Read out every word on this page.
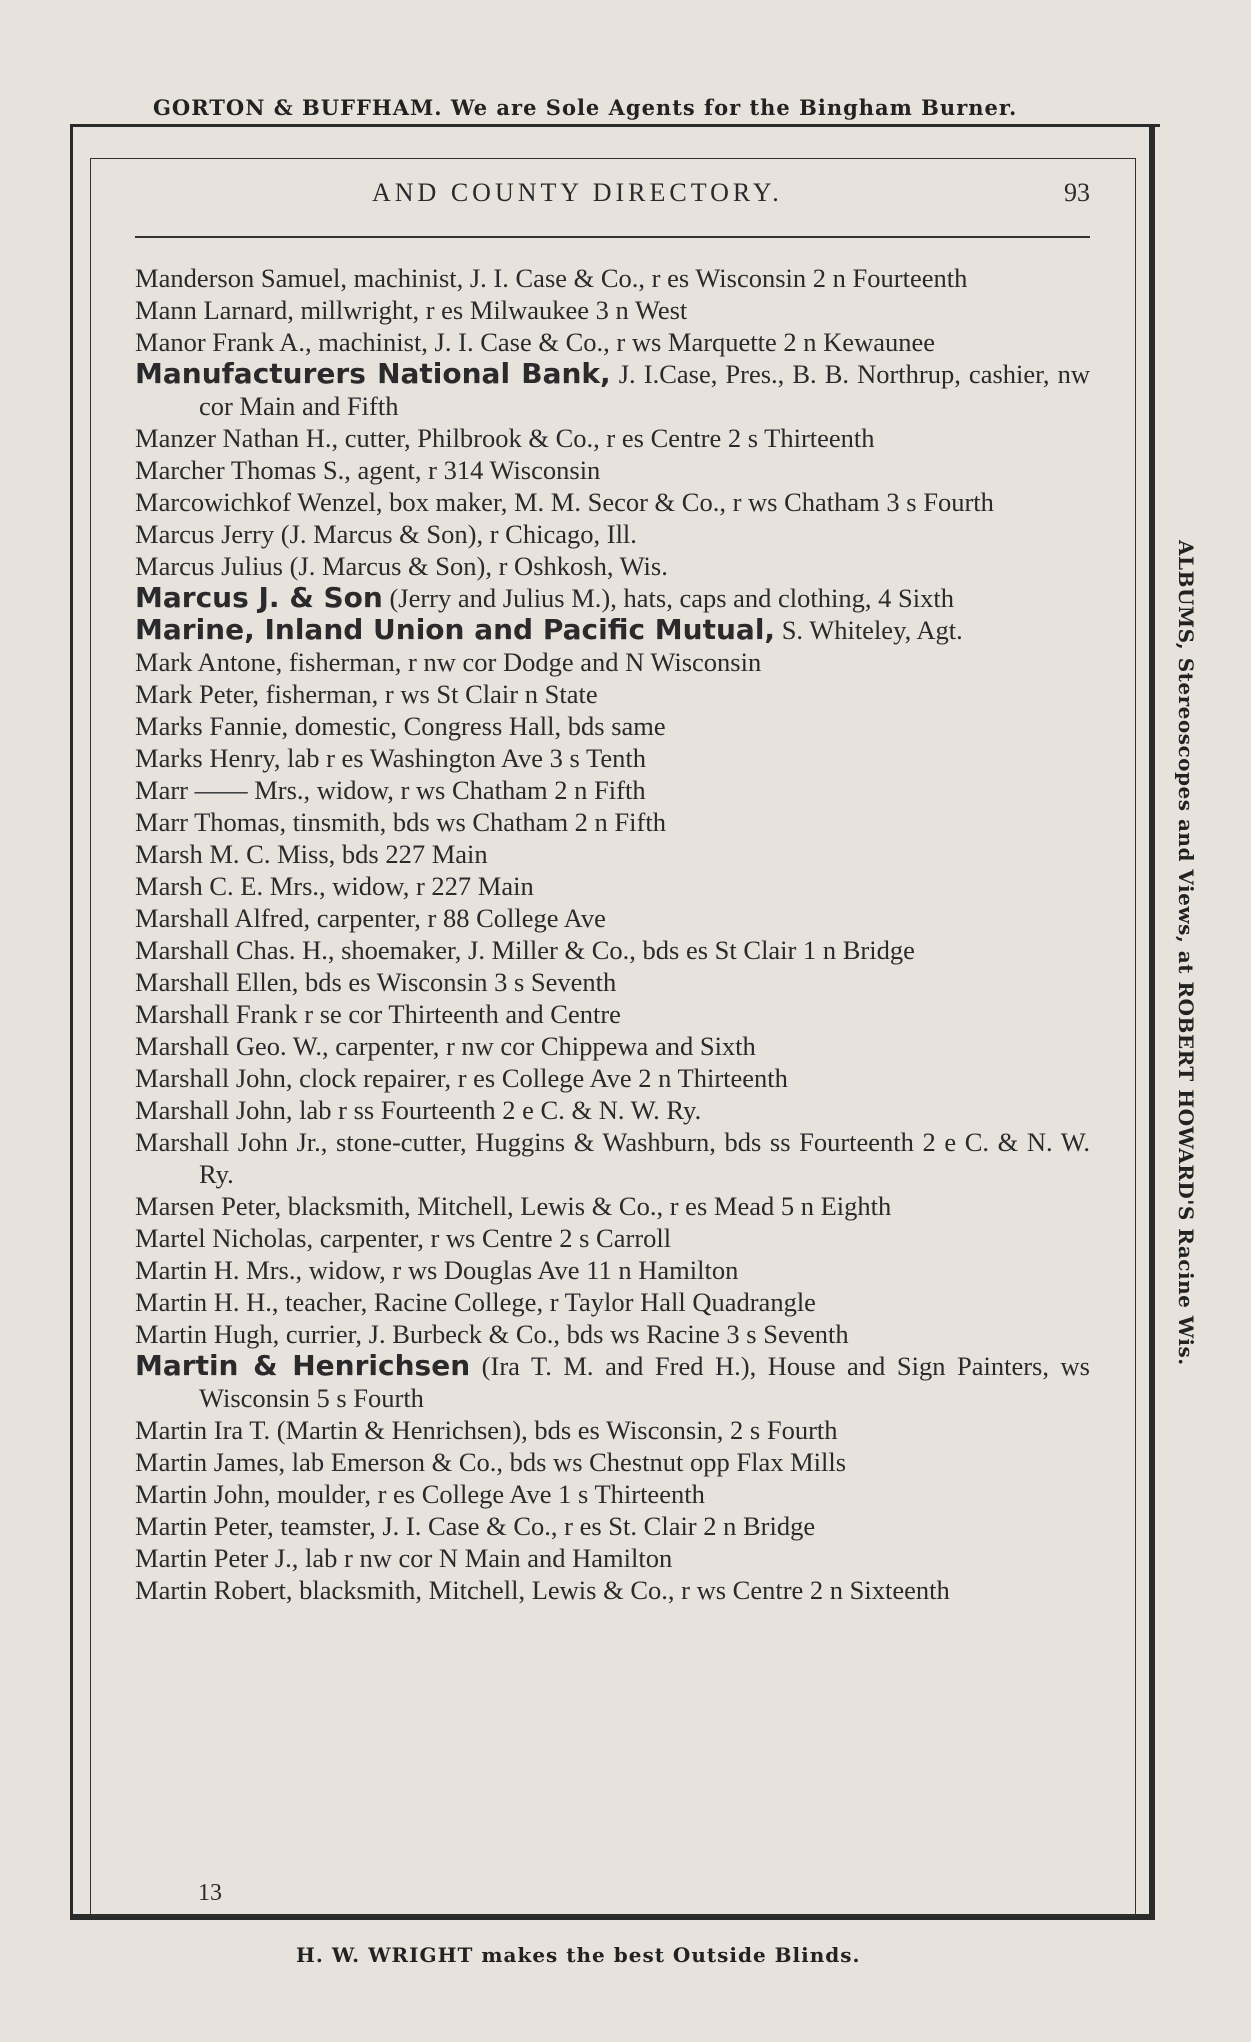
GORTON & BUFFHAM. We are Sole Agents for the Bingham Burner.
ALBUMS, Stereoscopes and Views, at ROBERT HOWARD'S Racine Wis.
AND COUNTY DIRECTORY.	93
Manderson Samuel, machinist, J. I. Case & Co., r es Wisconsin 2 n Fourteenth
Mann Larnard, millwright, r es Milwaukee 3 n West
Manor Frank A., machinist, J. I. Case & Co., r ws Marquette 2 n Kewaunee
Manufacturers National Bank, J. I.Case, Pres., B. B. Northrup, cashier, nw cor Main and Fifth
Manzer Nathan H., cutter, Philbrook & Co., r es Centre 2 s Thirteenth
Marcher Thomas S., agent, r 314 Wisconsin
Marcowichkof Wenzel, box maker, M. M. Secor & Co., r ws Chatham 3 s Fourth
Marcus Jerry (J. Marcus & Son), r Chicago, Ill.
Marcus Julius (J. Marcus & Son), r Oshkosh, Wis.
Marcus J. & Son (Jerry and Julius M.), hats, caps and clothing, 4 Sixth
Marine, Inland Union and Pacific Mutual, S. Whiteley, Agt.
Mark Antone, fisherman, r nw cor Dodge and N Wisconsin
Mark Peter, fisherman, r ws St Clair n State
Marks Fannie, domestic, Congress Hall, bds same
Marks Henry, lab r es Washington Ave 3 s Tenth
Marr —— Mrs., widow, r ws Chatham 2 n Fifth
Marr Thomas, tinsmith, bds ws Chatham 2 n Fifth
Marsh M. C. Miss, bds 227 Main
Marsh C. E. Mrs., widow, r 227 Main
Marshall Alfred, carpenter, r 88 College Ave
Marshall Chas. H., shoemaker, J. Miller & Co., bds es St Clair 1 n Bridge
Marshall Ellen, bds es Wisconsin 3 s Seventh
Marshall Frank r se cor Thirteenth and Centre
Marshall Geo. W., carpenter, r nw cor Chippewa and Sixth
Marshall John, clock repairer, r es College Ave 2 n Thirteenth
Marshall John, lab r ss Fourteenth 2 e C. & N. W. Ry.
Marshall John Jr., stone-cutter, Huggins & Washburn, bds ss Fourteenth 2 e C. & N. W. Ry.
Marsen Peter, blacksmith, Mitchell, Lewis & Co., r es Mead 5 n Eighth
Martel Nicholas, carpenter, r ws Centre 2 s Carroll
Martin H. Mrs., widow, r ws Douglas Ave 11 n Hamilton
Martin H. H., teacher, Racine College, r Taylor Hall Quadrangle
Martin Hugh, currier, J. Burbeck & Co., bds ws Racine 3 s Seventh
Martin & Henrichsen (Ira T. M. and Fred H.), House and Sign Painters, ws Wisconsin 5 s Fourth
Martin Ira T. (Martin & Henrichsen), bds es Wisconsin, 2 s Fourth
Martin James, lab Emerson & Co., bds ws Chestnut opp Flax Mills
Martin John, moulder, r es College Ave 1 s Thirteenth
Martin Peter, teamster, J. I. Case & Co., r es St. Clair 2 n Bridge
Martin Peter J., lab r nw cor N Main and Hamilton
Martin Robert, blacksmith, Mitchell, Lewis & Co., r ws Centre 2 n Sixteenth
13
H. W. WRIGHT makes the best Outside Blinds.
